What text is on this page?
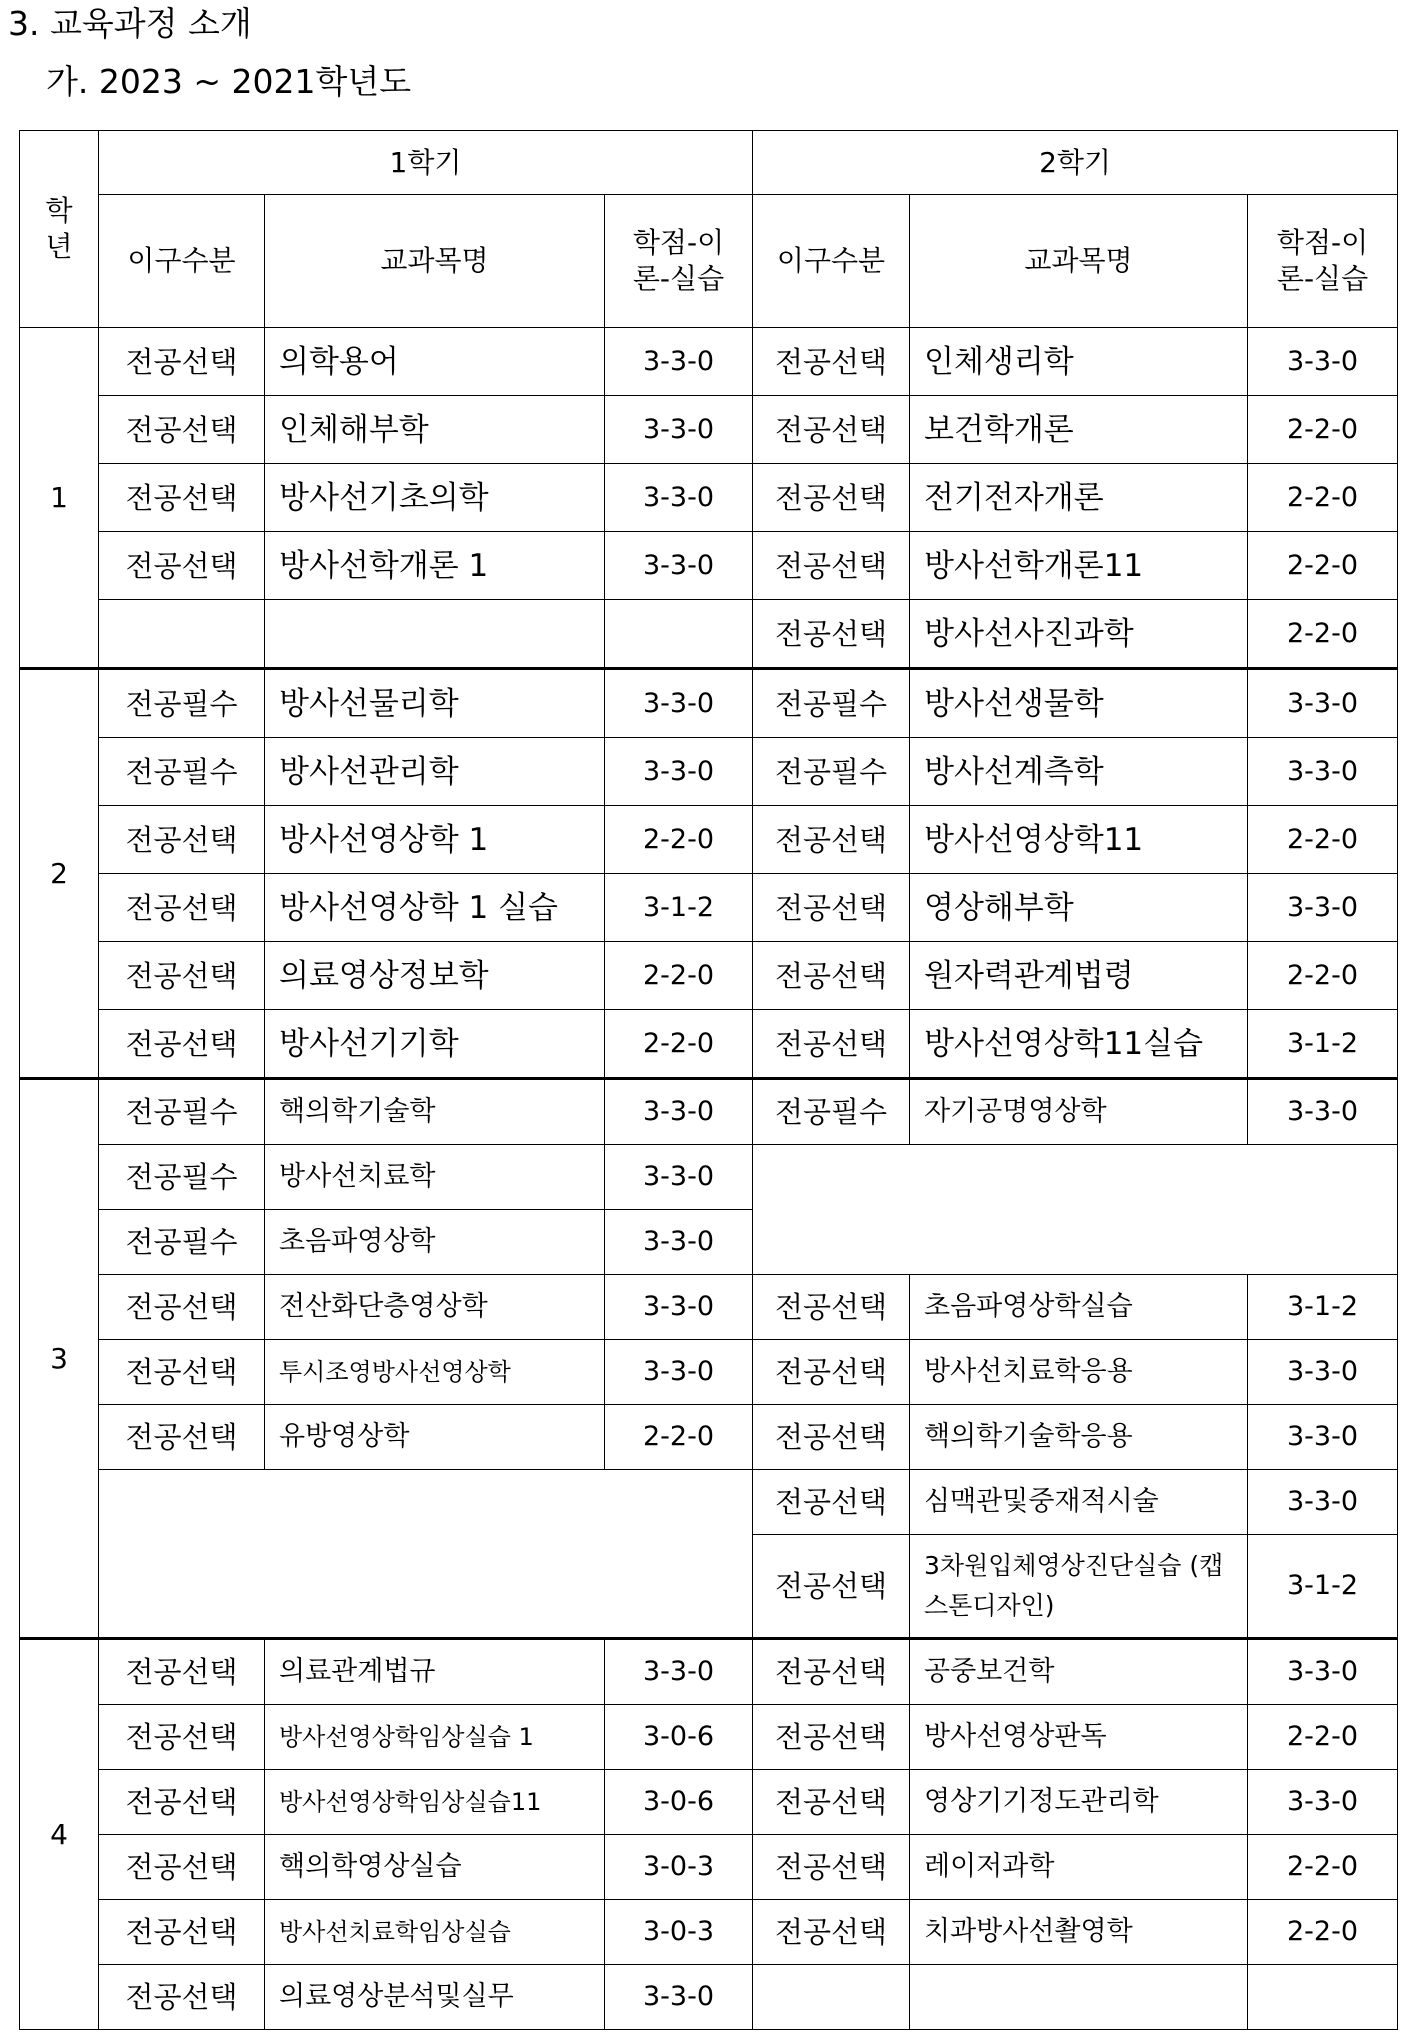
3. 교육과정 소개
가. 2023 ~ 2021학년도
학년	1학기			2학기		
	이구수분	교과목명	학점-이론-실습	이구수분	교과목명	학점-이론-실습

1	전공선택	의학용어	3-3-0	전공선택	인체생리학	3-3-0
	전공선택	인체해부학	3-3-0	전공선택	보건학개론	2-2-0
	전공선택	방사선기초의학	3-3-0	전공선택	전기전자개론	2-2-0
	전공선택	방사선학개론 1	3-3-0	전공선택	방사선학개론11	2-2-0
				전공선택	방사선사진과학	2-2-0
2	전공필수	방사선물리학	3-3-0	전공필수	방사선생물학	3-3-0
	전공필수	방사선관리학	3-3-0	전공필수	방사선계측학	3-3-0
	전공선택	방사선영상학 1	2-2-0	전공선택	방사선영상학11	2-2-0
	전공선택	방사선영상학 1 실습	3-1-2	전공선택	영상해부학	3-3-0
	전공선택	의료영상정보학	2-2-0	전공선택	원자력관계법령	2-2-0
	전공선택	방사선기기학	2-2-0	전공선택	방사선영상학11실습	3-1-2
3	전공필수	핵의학기술학	3-3-0	전공필수	자기공명영상학	3-3-0
	전공필수	방사선치료학	3-3-0			
	전공필수	초음파영상학	3-3-0			
	전공선택	전산화단층영상학	3-3-0	전공선택	초음파영상학실습	3-1-2
	전공선택	투시조영방사선영상학	3-3-0	전공선택	방사선치료학응용	3-3-0
	전공선택	유방영상학	2-2-0	전공선택	핵의학기술학응용	3-3-0
				전공선택	심맥관및중재적시술	3-3-0
				전공선택	3차원입체영상진단실습 (캡스톤디자인)	3-1-2
4	전공선택	의료관계법규	3-3-0	전공선택	공중보건학	3-3-0
	전공선택	방사선영상학임상실습 1	3-0-6	전공선택	방사선영상판독	2-2-0
	전공선택	방사선영상학임상실습11	3-0-6	전공선택	영상기기정도관리학	3-3-0
	전공선택	핵의학영상실습	3-0-3	전공선택	레이저과학	2-2-0
	전공선택	방사선치료학임상실습	3-0-3	전공선택	치과방사선촬영학	2-2-0
	전공선택	의료영상분석및실무	3-3-0			
